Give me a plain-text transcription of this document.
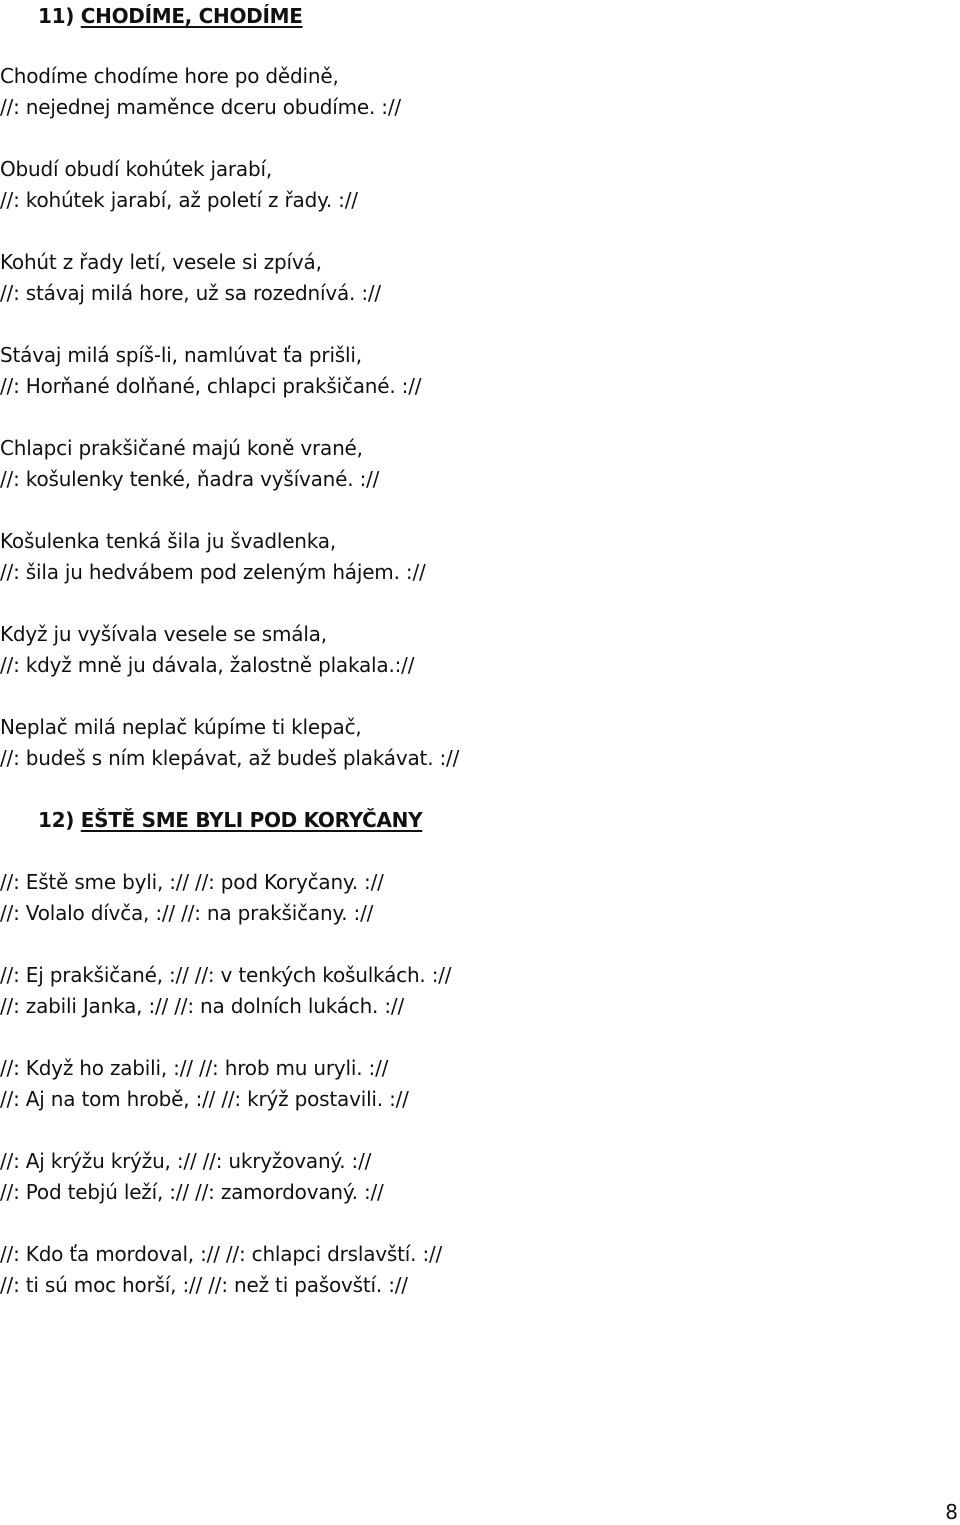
11) CHODÍME, CHODÍME
Chodíme chodíme hore po dědině,
//: nejednej maměnce dceru obudíme. ://
Obudí obudí kohútek jarabí,
//: kohútek jarabí, až poletí z řady. ://
Kohút z řady letí, vesele si zpívá,
//: stávaj milá hore, už sa rozednívá. ://
Stávaj milá spíš-li, namlúvat ťa prišli,
//: Horňané dolňané, chlapci prakšičané. ://
Chlapci prakšičané majú koně vrané,
//: košulenky tenké, ňadra vyšívané. ://
Košulenka tenká šila ju švadlenka,
//: šila ju hedvábem pod zeleným hájem. ://
Když ju vyšívala vesele se smála,
//: když mně ju dávala, žalostně plakala.://
Neplač milá neplač kúpíme ti klepač,
//: budeš s ním klepávat, až budeš plakávat. ://
12) EŠTĚ SME BYLI POD KORYČANY
//: Eště sme byli, :// //: pod Koryčany. ://
//: Volalo dívča, :// //: na prakšičany. ://
//: Ej prakšičané, :// //: v tenkých košulkách. ://
//: zabili Janka, :// //: na dolních lukách. ://
//: Když ho zabili, :// //: hrob mu uryli. ://
//: Aj na tom hrobě, :// //: krýž postavili. ://
//: Aj krýžu krýžu, :// //: ukryžovaný. ://
//: Pod tebjú leží, :// //: zamordovaný. ://
//: Kdo ťa mordoval, :// //: chlapci drslavští. ://
//: ti sú moc horší, :// //: než ti pašovští. ://
8
